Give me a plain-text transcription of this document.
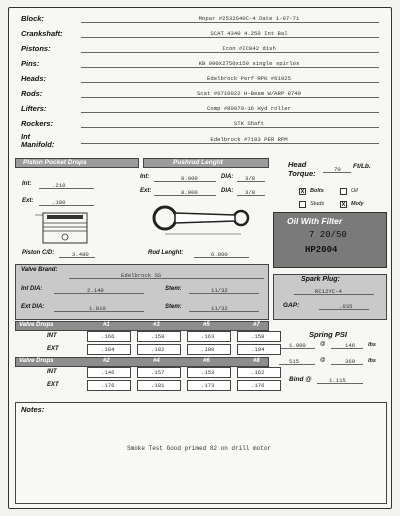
Piston Pocket Drops
Int:	.210
Ext:	.180
Piston C/D:	3.480
Pushrod Lenght
Int:	8.900	DIA: 3/8
Ext:	8.900	DIA: 3/8
Rod Lenght:	6.800
Head Torque:	70 Ft/Lb.
x Bolts	Oil
Studs x Moly
Oil With Filter
7 20/50
HP2004
Valve Brand:
Edelbrock SS
Int DIA:	2.140	Stem:	11/32
Ext DIA:	1.810	Stem:	11/32
Spark Plug:
RC12YC-4
GAP:	.035
Spring PSI
1.900	@	146 lbs
515	@	360 lbs
Bind @	1.115
Notes:
Smoke Test Good primed 82 on drill motor
Block:	Mopar #2532640C-4 Date 1-07-71
Crankshaft:	SCAT 4340 4.250 Int Bal
Pistons:	Icon #IC842 dish
Pins:	KB 990x2750x150 single spirlox
Heads:	Edelbrock Perf RPK #61925
Rods:	Scat #6710022 H-Beam W/ARP 8740
Lifters:	Comp #89970-16 Hyd roller
Rockers:	STK Shaft
Int Manifold:
Edelbrock #7183 PER RPM
Valve Drops	#1	#3	#5	#7
INT	.166	.158	.163	.158
EXT	.184	.182	.180	.194
Valve Drops	#2	#4	#6	#8
INT	.146	.157	.153	.162
EXT	.176	.181	.173	.176
